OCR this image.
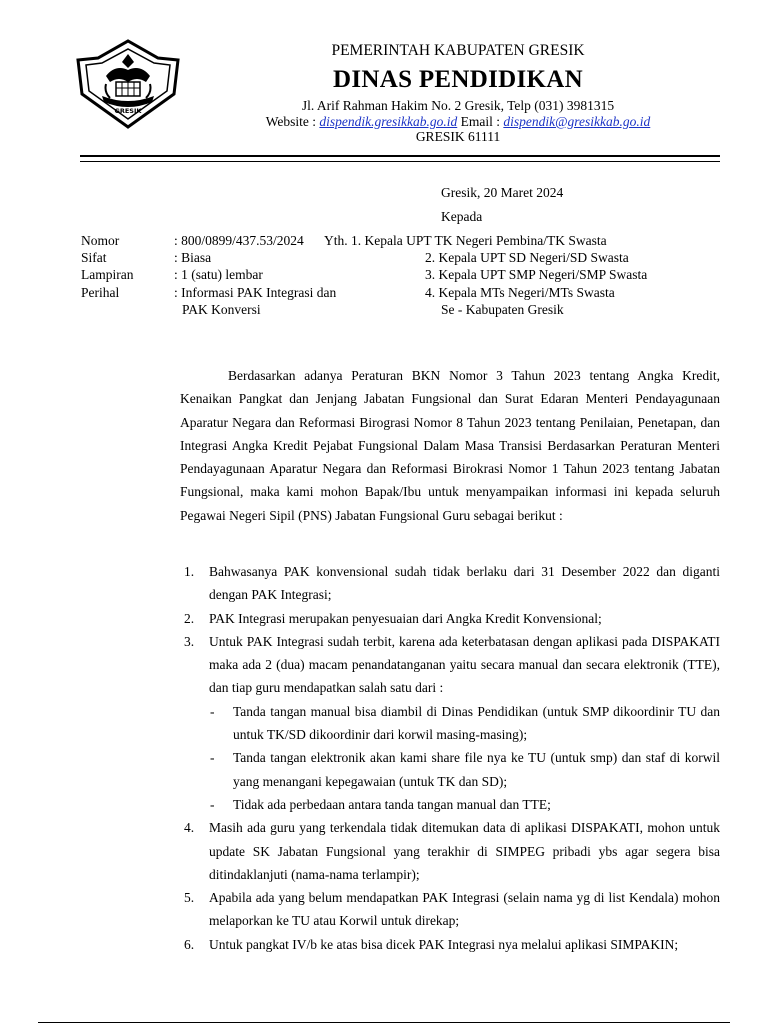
GRESIK
PEMERINTAH KABUPATEN GRESIK
DINAS PENDIDIKAN
Jl. Arif Rahman Hakim No. 2 Gresik, Telp (031) 3981315
Website : dispendik.gresikkab.go.id Email : dispendik@gresikkab.go.id
GRESIK 61111
Gresik, 20 Maret 2024
Kepada
Nomor	: 800/0899/437.53/2024 Yth. 1. Kepala UPT TK Negeri Pembina/TK Swasta
Sifat	: Biasa	2. Kepala UPT SD Negeri/SD Swasta
Lampiran	: 1 (satu) lembar	3. Kepala UPT SMP Negeri/SMP Swasta
Perihal	: Informasi PAK Integrasi dan	4. Kepala MTs Negeri/MTs Swasta
PAK Konversi	Se - Kabupaten Gresik
Berdasarkan adanya Peraturan BKN Nomor 3 Tahun 2023 tentang Angka Kredit, Kenaikan Pangkat dan Jenjang Jabatan Fungsional dan Surat Edaran Menteri Pendayagunaan Aparatur Negara dan Reformasi Birograsi Nomor 8 Tahun 2023 tentang Penilaian, Penetapan, dan Integrasi Angka Kredit Pejabat Fungsional Dalam Masa Transisi Berdasarkan Peraturan Menteri Pendayagunaan Aparatur Negara dan Reformasi Birokrasi Nomor 1 Tahun 2023 tentang Jabatan Fungsional, maka kami mohon Bapak/Ibu untuk menyampaikan informasi ini kepada seluruh Pegawai Negeri Sipil (PNS) Jabatan Fungsional Guru sebagai berikut :
1. Bahwasanya PAK konvensional sudah tidak berlaku dari 31 Desember 2022 dan diganti dengan PAK Integrasi;
2. PAK Integrasi merupakan penyesuaian dari Angka Kredit Konvensional;
3. Untuk PAK Integrasi sudah terbit, karena ada keterbatasan dengan aplikasi pada DISPAKATI maka ada 2 (dua) macam penandatanganan yaitu secara manual dan secara elektronik (TTE), dan tiap guru mendapatkan salah satu dari :
- Tanda tangan manual bisa diambil di Dinas Pendidikan (untuk SMP dikoordinir TU dan untuk TK/SD dikoordinir dari korwil masing-masing);
- Tanda tangan elektronik akan kami share file nya ke TU (untuk smp) dan staf di korwil yang menangani kepegawaian (untuk TK dan SD);
- Tidak ada perbedaan antara tanda tangan manual dan TTE;
4. Masih ada guru yang terkendala tidak ditemukan data di aplikasi DISPAKATI, mohon untuk update SK Jabatan Fungsional yang terakhir di SIMPEG pribadi ybs agar segera bisa ditindaklanjuti (nama-nama terlampir);
5. Apabila ada yang belum mendapatkan PAK Integrasi (selain nama yg di list Kendala) mohon melaporkan ke TU atau Korwil untuk direkap;
6. Untuk pangkat IV/b ke atas bisa dicek PAK Integrasi nya melalui aplikasi SIMPAKIN;
